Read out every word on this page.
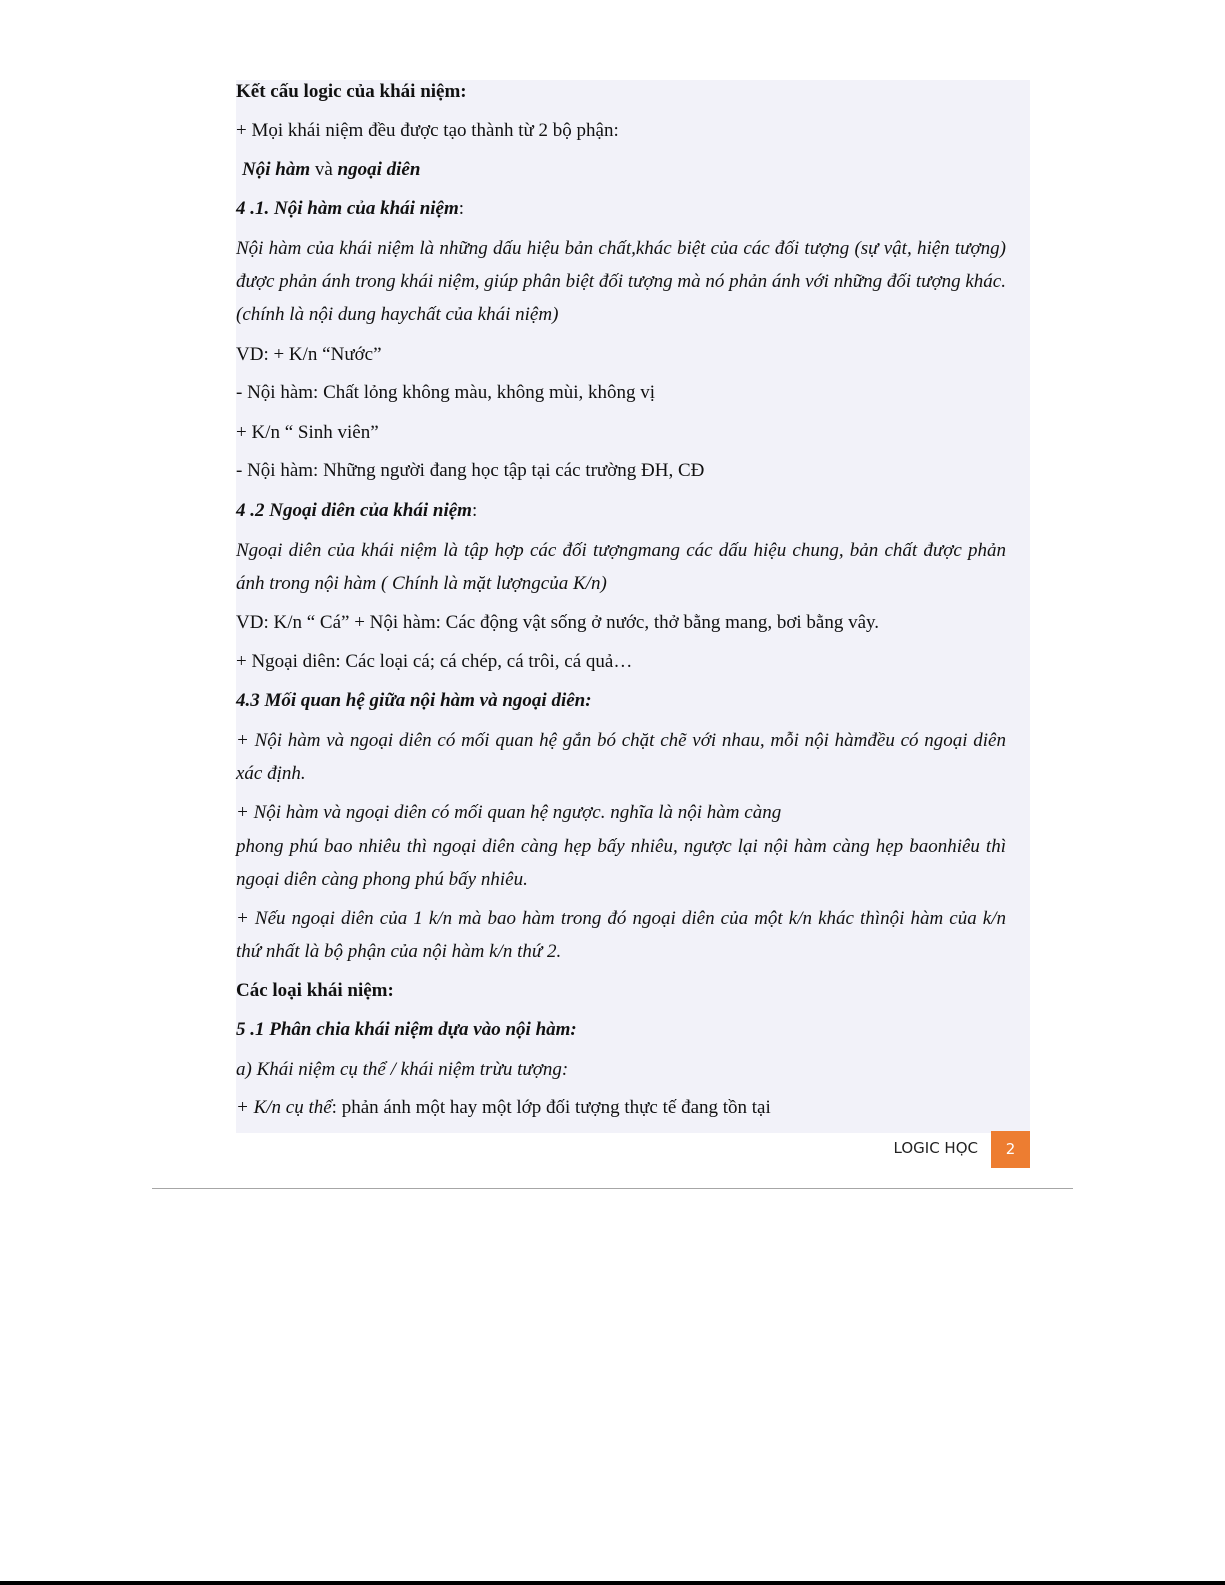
Kết cấu logic của khái niệm:
+ Mọi khái niệm đều được tạo thành từ 2 bộ phận:
Nội hàm và ngoại diên
4 .1. Nội hàm của khái niệm:
Nội hàm của khái niệm là những dấu hiệu bản chất,khác biệt của các đối tượng (sự vật, hiện tượng) được phản ánh trong khái niệm, giúp phân biệt đối tượng mà nó phản ánh với những đối tượng khác. (chính là nội dung haychất của khái niệm)
VD: + K/n “Nước”
- Nội hàm: Chất lỏng không màu, không mùi, không vị
+ K/n “ Sinh viên”
- Nội hàm: Những người đang học tập tại các trường ĐH, CĐ
4 .2 Ngoại diên của khái niệm:
Ngoại diên của khái niệm là tập hợp các đối tượngmang các dấu hiệu chung, bản chất được phản ánh trong nội hàm ( Chính là mặt lượngcủa K/n)
VD: K/n “ Cá” + Nội hàm: Các động vật sống ở nước, thở bằng mang, bơi bằng vây.
+ Ngoại diên: Các loại cá; cá chép, cá trôi, cá quả…
4.3 Mối quan hệ giữa nội hàm và ngoại diên:
+ Nội hàm và ngoại diên có mối quan hệ gắn bó chặt chẽ với nhau, mỗi nội hàmđều có ngoại diên xác định.
+ Nội hàm và ngoại diên có mối quan hệ ngược. nghĩa là nội hàm càng
phong phú bao nhiêu thì ngoại diên càng hẹp bấy nhiêu, ngược lại nội hàm càng hẹp baonhiêu thì ngoại diên càng phong phú bấy nhiêu.
+ Nếu ngoại diên của 1 k/n mà bao hàm trong đó ngoại diên của một k/n khác thìnội hàm của k/n thứ nhất là bộ phận của nội hàm k/n thứ 2.
Các loại khái niệm:
5 .1 Phân chia khái niệm dựa vào nội hàm:
a) Khái niệm cụ thể / khái niệm trừu tượng:
+ K/n cụ thể: phản ánh một hay một lớp đối tượng thực tế đang tồn tại
LOGIC HỌC	2
